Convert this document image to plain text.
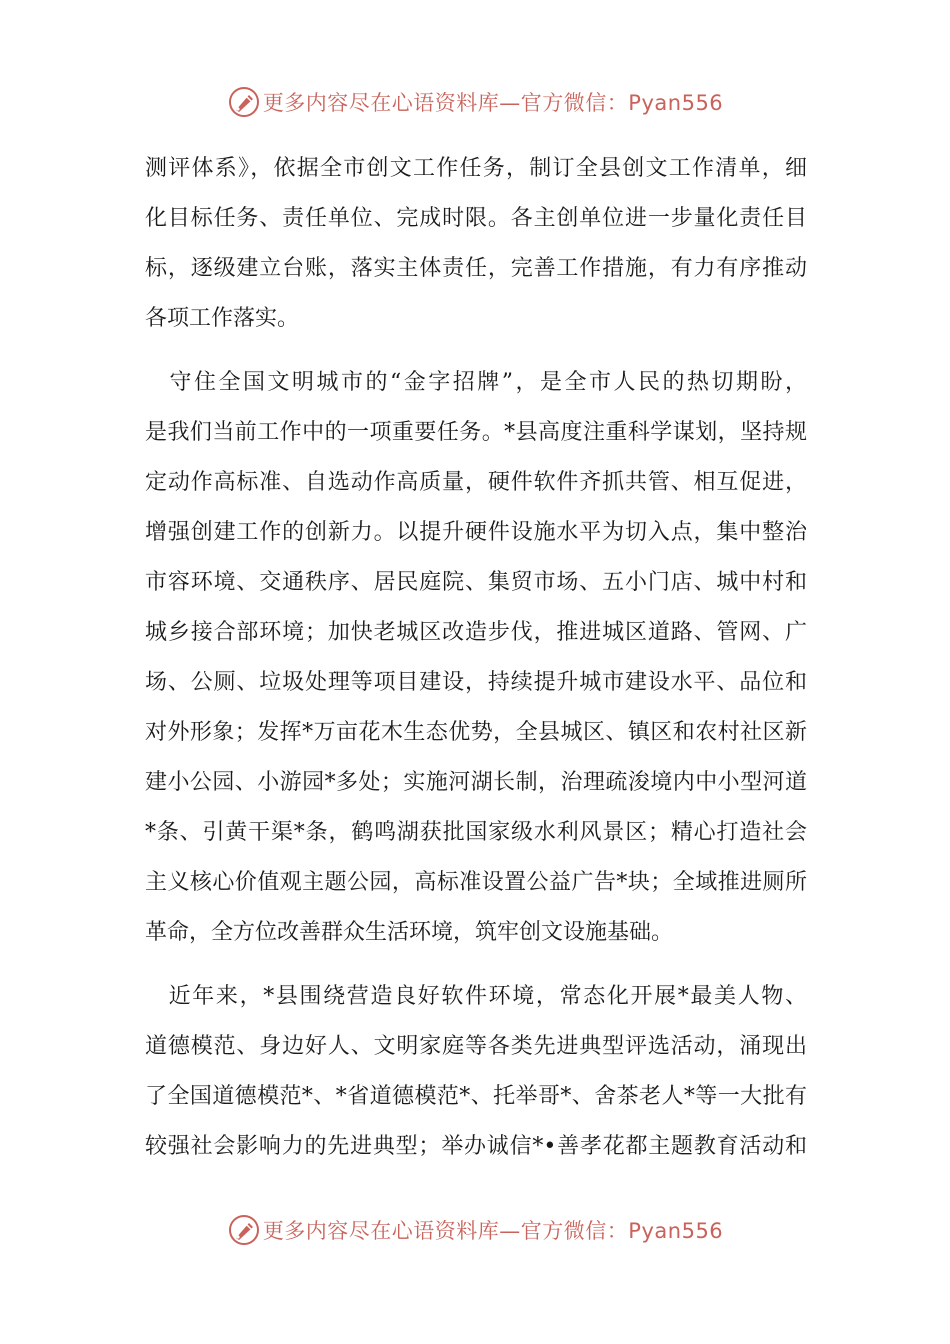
更多内容尽在心语资料库—官方微信：Pyan556
测评体系》，依据全市创文工作任务，制订全县创文工作清单，细
化目标任务、责任单位、完成时限。各主创单位进一步量化责任目
标，逐级建立台账，落实主体责任，完善工作措施，有力有序推动
各项工作落实。
　守住全国文明城市的“金字招牌”，是全市人民的热切期盼，
是我们当前工作中的一项重要任务。*县高度注重科学谋划，坚持规
定动作高标准、自选动作高质量，硬件软件齐抓共管、相互促进，
增强创建工作的创新力。以提升硬件设施水平为切入点，集中整治
市容环境、交通秩序、居民庭院、集贸市场、五小门店、城中村和
城乡接合部环境；加快老城区改造步伐，推进城区道路、管网、广
场、公厕、垃圾处理等项目建设，持续提升城市建设水平、品位和
对外形象；发挥*万亩花木生态优势，全县城区、镇区和农村社区新
建小公园、小游园*多处；实施河湖长制，治理疏浚境内中小型河道
*条、引黄干渠*条，鹤鸣湖获批国家级水利风景区；精心打造社会
主义核心价值观主题公园，高标准设置公益广告*块；全域推进厕所
革命，全方位改善群众生活环境，筑牢创文设施基础。
　近年来，*县围绕营造良好软件环境，常态化开展*最美人物、
道德模范、身边好人、文明家庭等各类先进典型评选活动，涌现出
了全国道德模范*、*省道德模范*、托举哥*、舍茶老人*等一大批有
较强社会影响力的先进典型；举办诚信*•善孝花都主题教育活动和
更多内容尽在心语资料库—官方微信：Pyan556
